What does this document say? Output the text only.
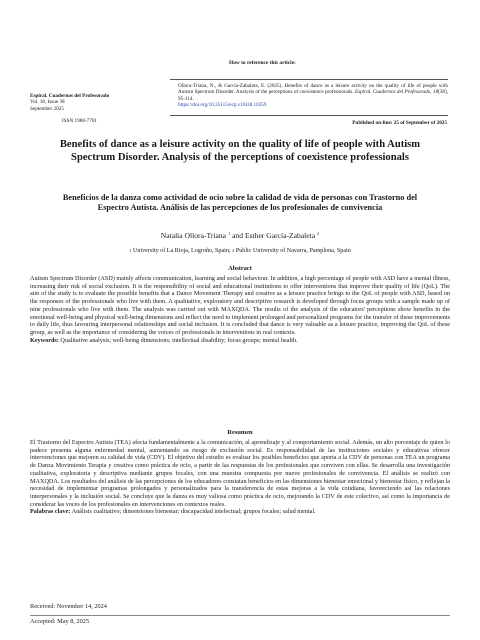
How to reference this article:
Espiral. Cuadernos del Profesorado
Vol. 18, Issue 38
September 2025
ISSN 1988-7701
Ollora-Triana, N., & García-Zabaleta, E. (2025). Benefits of dance as a leisure activity on the quality of life of people with Autism Spectrum Disorder. Analysis of the perceptions of coexistence professionals. Espiral. Cuadernos del Profesorado, 18(38), 95-114.
https://doi.org/10.25115/ecp.v18i38.10259
Published on-line: 25 of September of 2025
Benefits of dance as a leisure activity on the quality of life of people with Autism Spectrum Disorder. Analysis of the perceptions of coexistence professionals
Beneficios de la danza como actividad de ocio sobre la calidad de vida de personas con Trastorno del Espectro Autista. Análisis de las percepciones de los profesionales de convivencia
Natalia Ollora-Triana $^1$ and Esther García-Zabaleta $^2$
$^1$ University of La Rioja, Logroño, Spain; $^2$ Public University of Navarra, Pamplona, Spain
Abstract
Autism Spectrum Disorder (ASD) mainly affects communication, learning and social behaviour. In addition, a high percentage of people with ASD have a mental illness, increasing their risk of social exclusion. It is the responsibility of social and educational institutions to offer interventions that improve their quality of life (QoL). The aim of the study is to evaluate the possible benefits that a Dance Movement Therapy and creative as a leisure practice brings to the QoL of people with ASD, based on the responses of the professionals who live with them. A qualitative, exploratory and descriptive research is developed through focus groups with a sample made up of nine professionals who live with them. The analysis was carried out with MAXQDA. The results of the analysis of the educators' perceptions show benefits in the emotional well-being and physical well-being dimensions and reflect the need to implement prolonged and personalized programs for the transfer of these improvements to daily life, thus favouring interpersonal relationships and social inclusion. It is concluded that dance is very valuable as a leisure practice, improving the QoL of these group, as well as the importance of considering the voices of professionals in interventions in real contexts.
Keywords: Qualitative analysis; well-being dimensions; intellectual disability; focus groups; mental health.
Resumen
El Trastorno del Espectro Autista (TEA) afecta fundamentalmente a la comunicación, al aprendizaje y al comportamiento social. Además, un alto porcentaje de quien lo padece presenta alguna enfermedad mental, aumentando su riesgo de exclusión social. Es responsabilidad de las instituciones sociales y educativas ofrecer intervenciones que mejoren su calidad de vida (CDV). El objetivo del estudio es evaluar los posibles beneficios que aporta a la CDV de personas con TEA un programa de Danza Movimiento Terapia y creativa como práctica de ocio, a partir de las respuestas de los profesionales que conviven con ellas. Se desarrolla una investigación cualitativa, exploratoria y descriptiva mediante grupos focales, con una muestra compuesta por nueve profesionales de convivencia. El análisis se realizó con MAXQDA. Los resultados del análisis de las percepciones de los educadores constatan beneficios en las dimensiones bienestar emocional y bienestar físico, y reflejan la necesidad de implementar programas prolongados y personalizados para la transferencia de estas mejoras a la vida cotidiana, favoreciendo así las relaciones interpersonales y la inclusión social. Se concluye que la danza es muy valiosa como práctica de ocio, mejorando la CDV de este colectivo, así como la importancia de considerar las voces de los profesionales en intervenciones en contextos reales.
Palabras clave: Análisis cualitativo; dimensiones bienestar; discapacidad intelectual; grupos focales; salud mental.
Received: November 14, 2024
Accepted: May 8, 2025
